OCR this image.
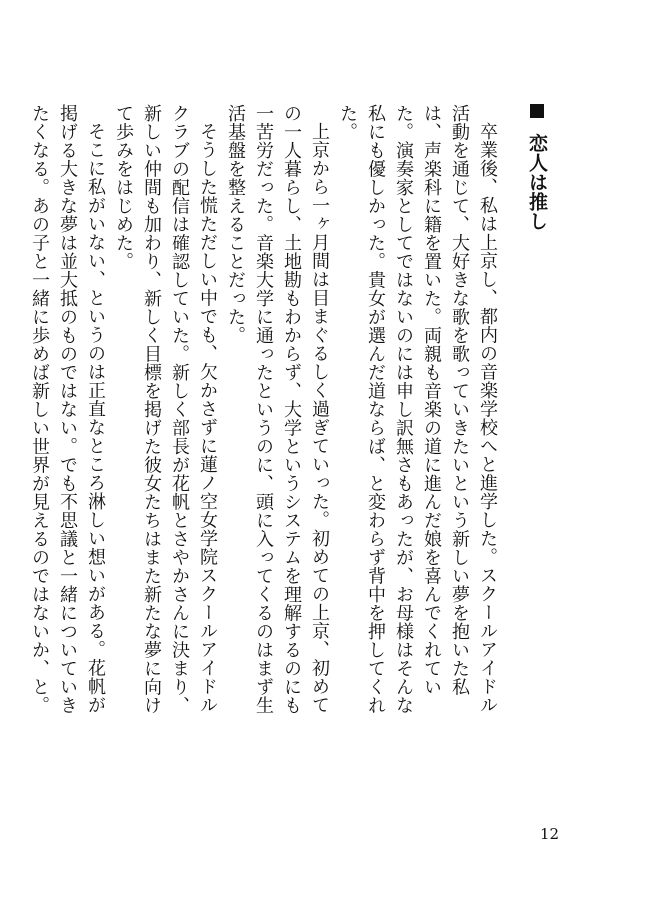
恋人は推し

卒業後、私は上京し、都内の音楽学校へと進学した。スクールアイドル活動を通じて、大好きな歌を歌っていきたいという新しい夢を抱いた私は、声楽科に籍を置いた。両親も音楽の道に進んだ娘を喜んでくれていた。演奏家としてではないのには申し訳無さもあったが、お母様はそんな私にも優しかった。貴女が選んだ道ならば、と変わらず背中を押してくれた。

上京から一ヶ月間は目まぐるしく過ぎていった。初めての上京、初めての一人暮らし、土地勘もわからず、大学というシステムを理解するのにも一苦労だった。音楽大学に通ったというのに、頭に入ってくるのはまず生活基盤を整えることだった。

そうした慌ただしい中でも、欠かさずに蓮ノ空女学院スクールアイドルクラブの配信は確認していた。新しく部長が花帆とさやかさんに決まり、新しい仲間も加わり、新しく目標を掲げた彼女たちはまた新たな夢に向けて歩みをはじめた。

そこに私がいない、というのは正直なところ淋しい想いがある。花帆が掲げる大きな夢は並大抵のものではない。でも不思議と一緒についていきたくなる。あの子と一緒に歩めば新しい世界が見えるのではないか、と。

12
